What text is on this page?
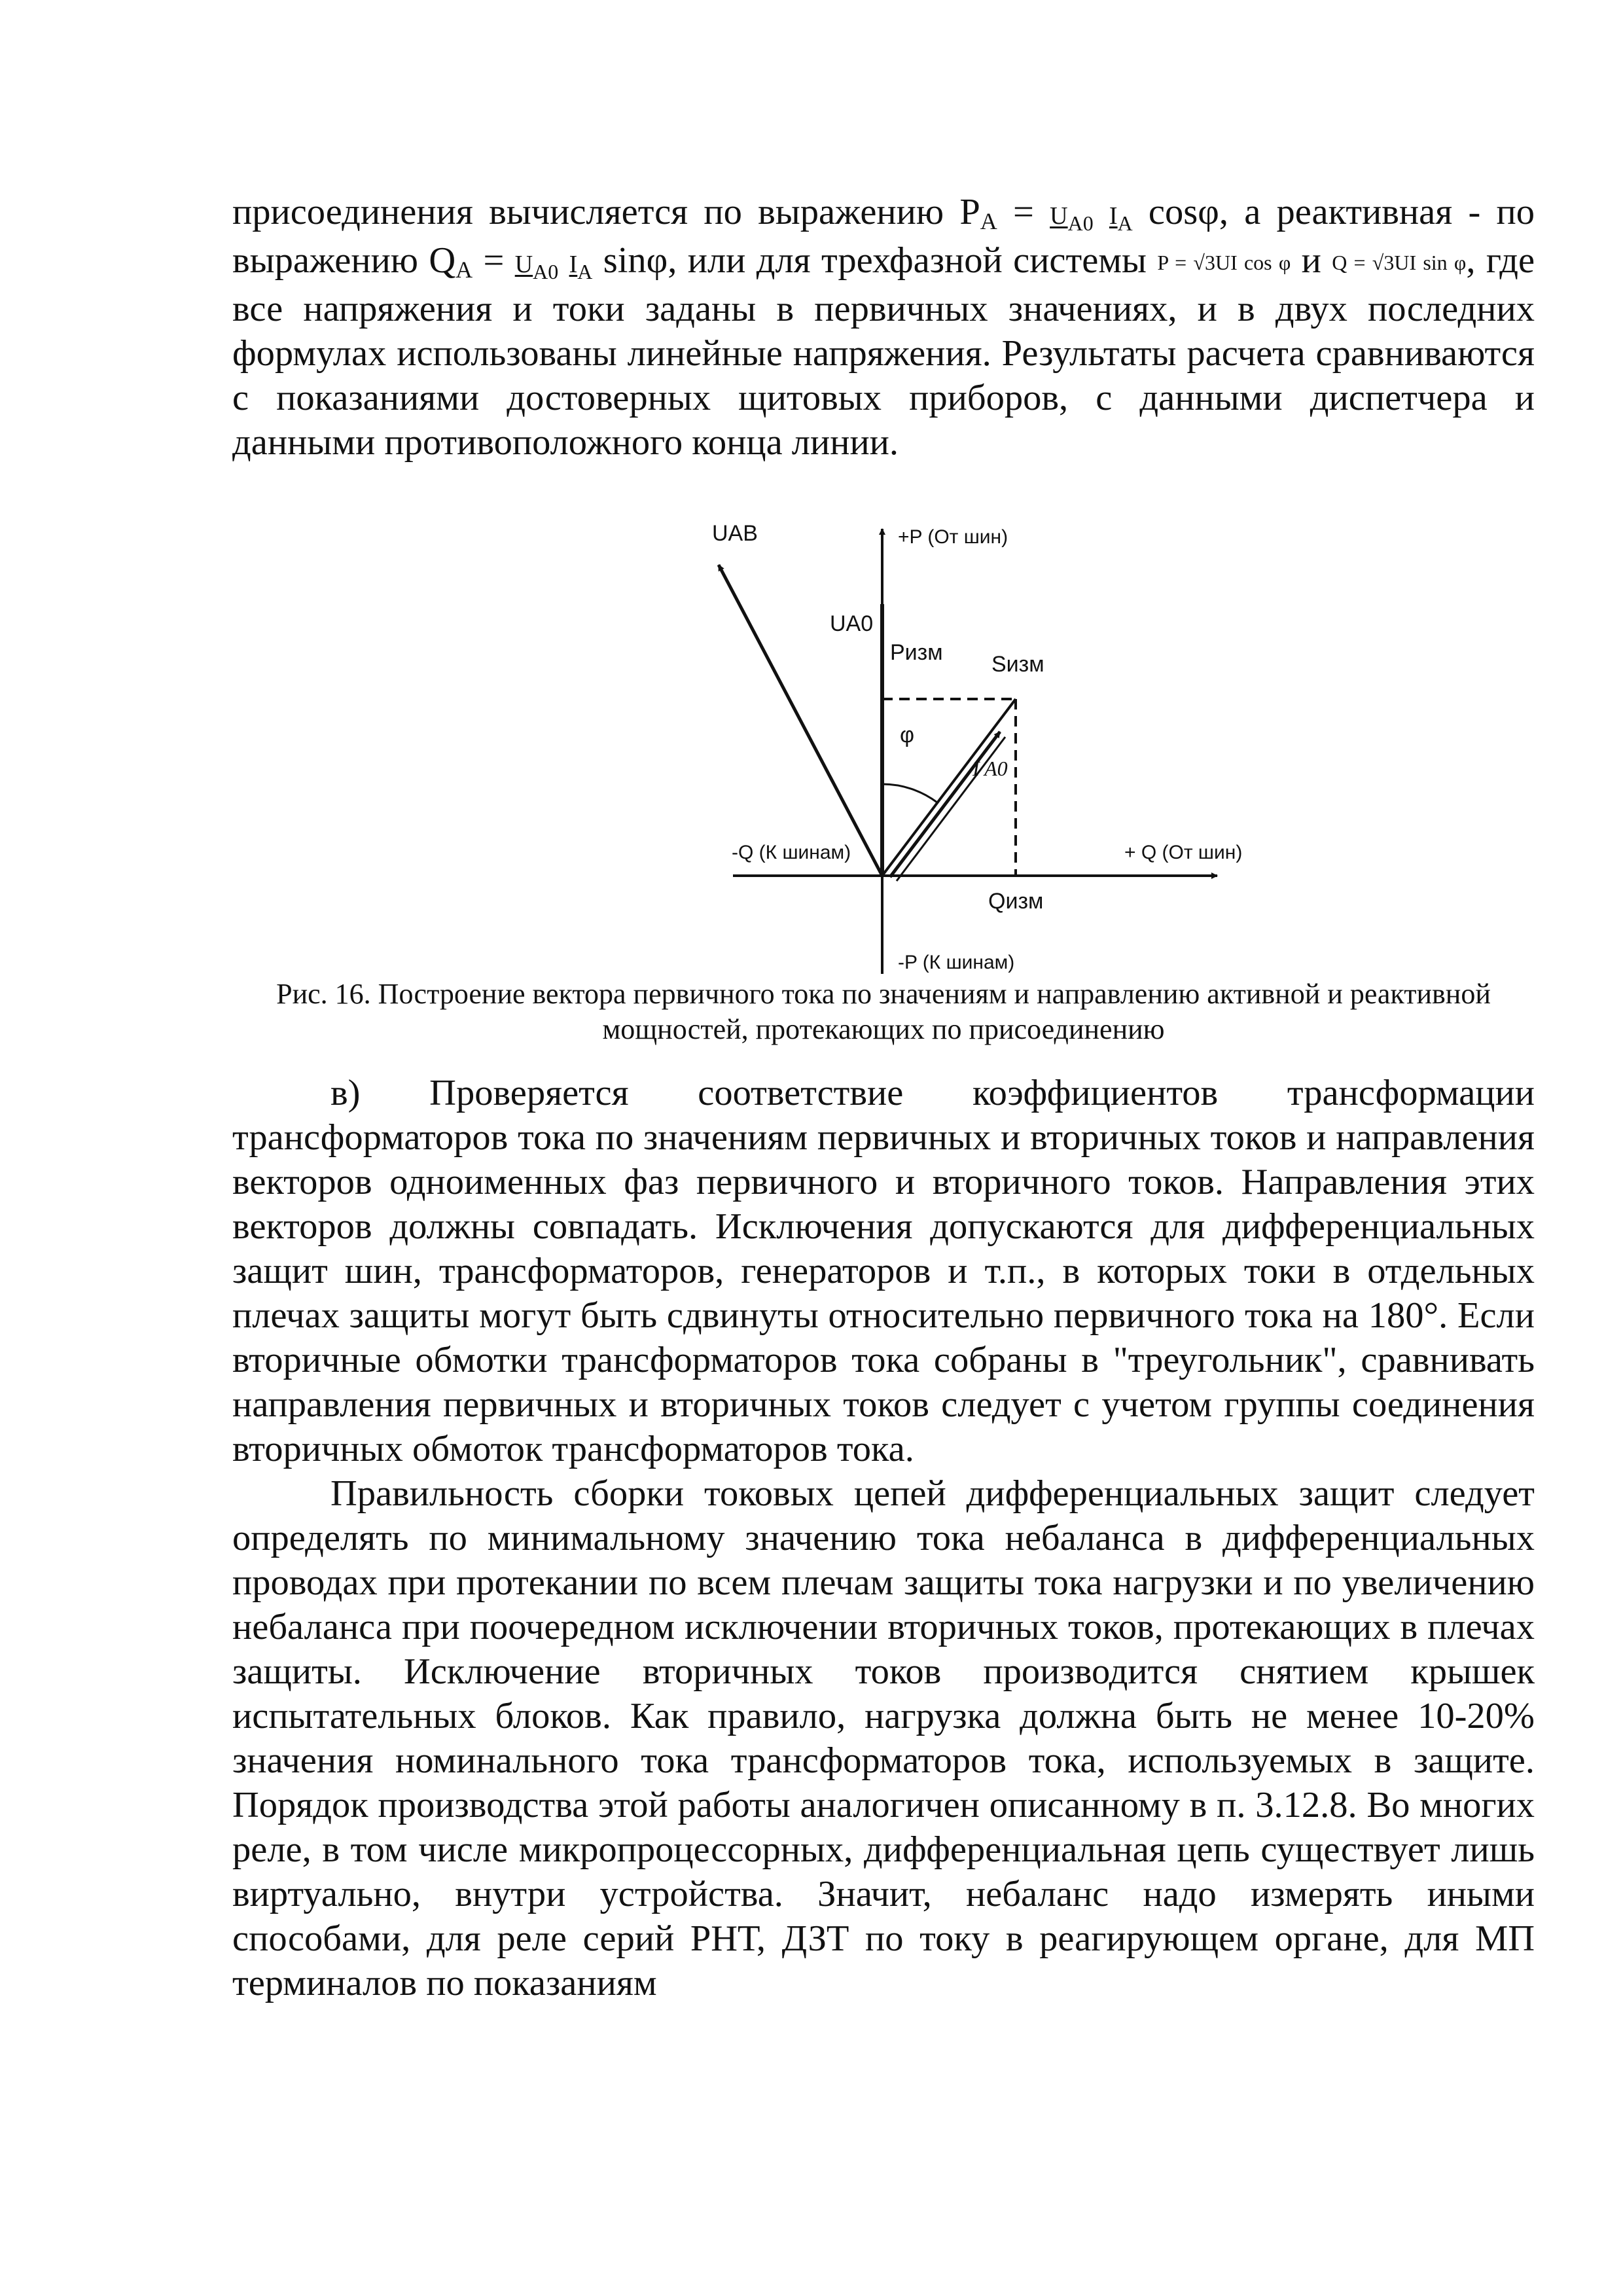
присоединения вычисляется по выражению $P_A = U_{A0}$ $I_A$ cosφ, а реактивная - по выражению $Q_A = U_{A0}$ $I_A$ sinφ, или для трехфазной системы P = √3UI cos φ и Q = √3UI sin φ, где все напряжения и токи заданы в первичных значениях, и в двух последних формулах использованы линейные напряжения. Результаты расчета сравниваются с показаниями достоверных щитовых приборов, с данными диспетчера и данными противоположного конца линии.

UAB
UA0
+P (От шин)
Pизм Sизм
φ
I A0
-Q (К шинам)	+ Q (От шин)
Qизм
-P (К шинам)

Рис. 16. Построение вектора первичного тока по значениям и направлению активной и реактивной мощностей, протекающих по присоединению

в) Проверяется соответствие коэффициентов трансформации трансформаторов тока по значениям первичных и вторичных токов и направления векторов одноименных фаз первичного и вторичного токов. Направления этих векторов должны совпадать. Исключения допускаются для дифференциальных защит шин, трансформаторов, генераторов и т.п., в которых токи в отдельных плечах защиты могут быть сдвинуты относительно первичного тока на 180°. Если вторичные обмотки трансформаторов тока собраны в "треугольник", сравнивать направления первичных и вторичных токов следует с учетом группы соединения вторичных обмоток трансформаторов тока.

Правильность сборки токовых цепей дифференциальных защит следует определять по минимальному значению тока небаланса в дифференциальных проводах при протекании по всем плечам защиты тока нагрузки и по увеличению небаланса при поочередном исключении вторичных токов, протекающих в плечах защиты. Исключение вторичных токов производится снятием крышек испытательных блоков. Как правило, нагрузка должна быть не менее 10-20% значения номинального тока трансформаторов тока, используемых в защите. Порядок производства этой работы аналогичен описанному в п. 3.12.8. Во многих реле, в том числе микропроцессорных, дифференциальная цепь существует лишь виртуально, внутри устройства. Значит, небаланс надо измерять иными способами, для реле серий РНТ, ДЗТ по току в реагирующем органе, для МП терминалов по показаниям
